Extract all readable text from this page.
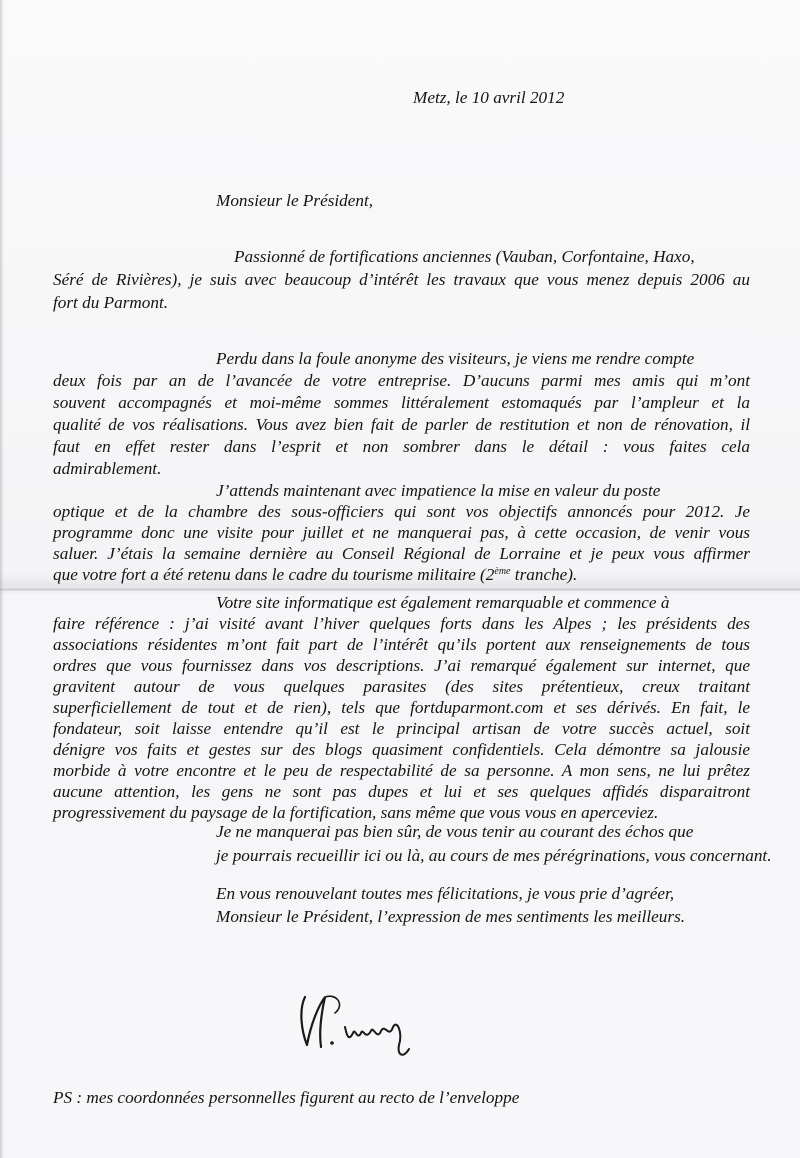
Metz, le 10 avril 2012
Monsieur le Président,
Passionné de fortifications anciennes (Vauban, Corfontaine, Haxo,
Séré de Rivières), je suis avec beaucoup d’intérêt les travaux que vous menez depuis 2006 au
fort du Parmont.
Perdu dans la foule anonyme des visiteurs, je viens me rendre compte
deux fois par an de l’avancée de votre entreprise. D’aucuns parmi mes amis qui m’ont
souvent accompagnés et moi-même sommes littéralement estomaqués par l’ampleur et la
qualité de vos réalisations. Vous avez bien fait de parler de restitution et non de rénovation, il
faut en effet rester dans l’esprit et non sombrer dans le détail : vous faites cela
admirablement.
J’attends maintenant avec impatience la mise en valeur du poste
optique et de la chambre des sous-officiers qui sont vos objectifs annoncés pour 2012. Je
programme donc une visite pour juillet et ne manquerai pas, à cette occasion, de venir vous
saluer. J’étais la semaine dernière au Conseil Régional de Lorraine et je peux vous affirmer
que votre fort a été retenu dans le cadre du tourisme militaire (2ème tranche).
Votre site informatique est également remarquable et commence à
faire référence : j’ai visité avant l’hiver quelques forts dans les Alpes ; les présidents des
associations résidentes m’ont fait part de l’intérêt qu’ils portent aux renseignements de tous
ordres que vous fournissez dans vos descriptions. J’ai remarqué également sur internet, que
gravitent autour de vous quelques parasites (des sites prétentieux, creux traitant
superficiellement de tout et de rien), tels que fortduparmont.com et ses dérivés. En fait, le
fondateur, soit laisse entendre qu’il est le principal artisan de votre succès actuel, soit
dénigre vos faits et gestes sur des blogs quasiment confidentiels. Cela démontre sa jalousie
morbide à votre encontre et le peu de respectabilité de sa personne. A mon sens, ne lui prêtez
aucune attention, les gens ne sont pas dupes et lui et ses quelques affidés disparaitront
progressivement du paysage de la fortification, sans même que vous vous en aperceviez.
Je ne manquerai pas bien sûr, de vous tenir au courant des échos que
je pourrais recueillir ici ou là, au cours de mes pérégrinations, vous concernant.
En vous renouvelant toutes mes félicitations, je vous prie d’agréer,
Monsieur le Président, l’expression de mes sentiments les meilleurs.
PS : mes coordonnées personnelles figurent au recto de l’enveloppe
